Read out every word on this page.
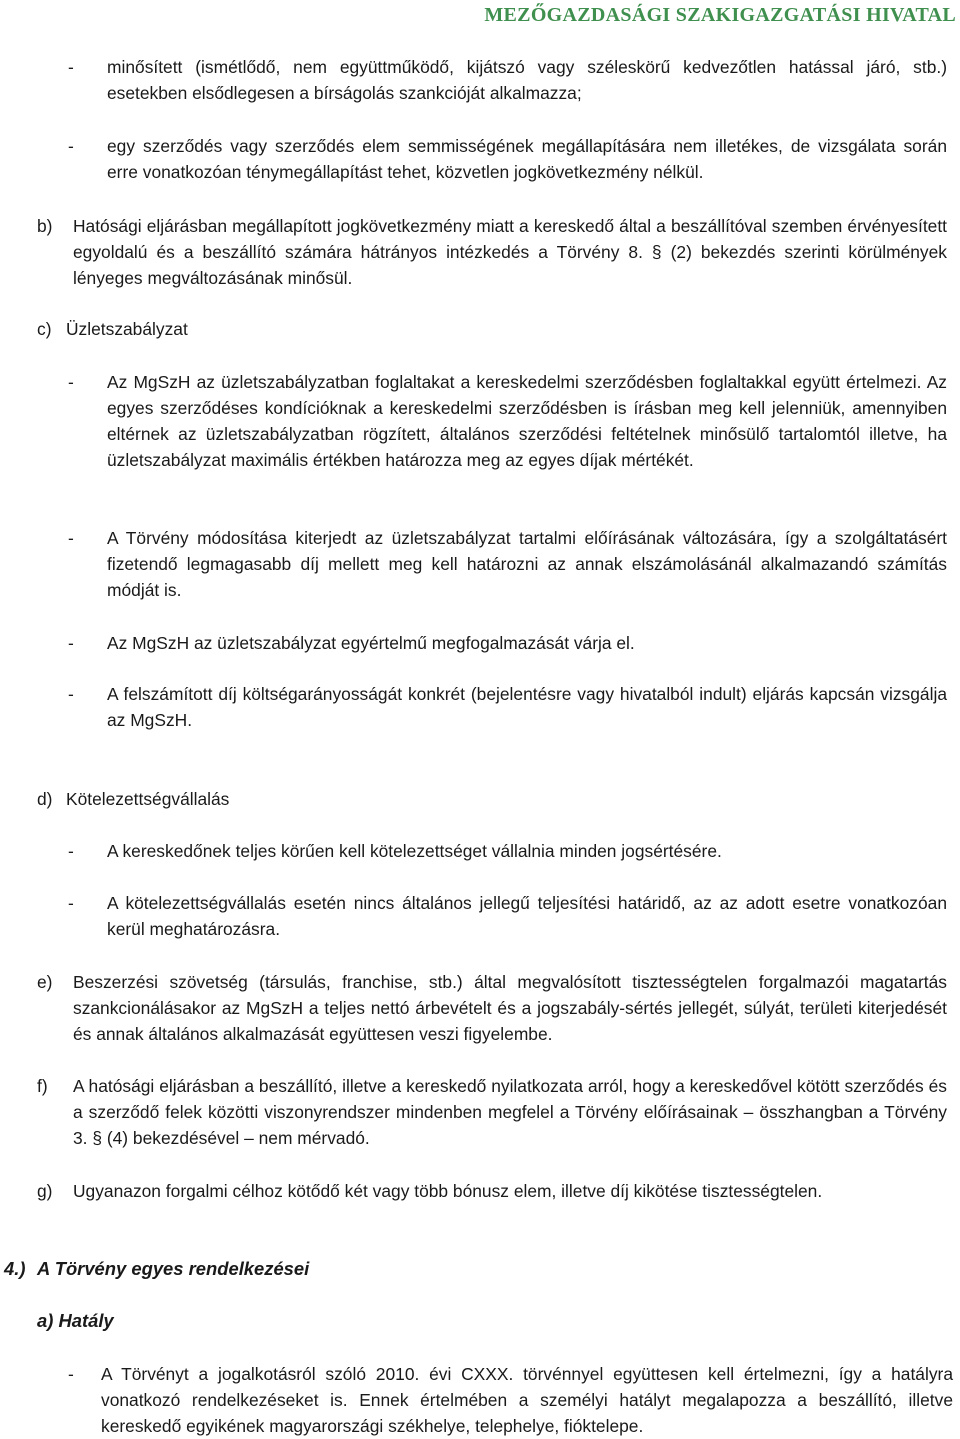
MEZŐGAZDASÁGI SZAKIGAZGATÁSI HIVATAL
- minősített (ismétlődő, nem együttműködő, kijátszó vagy széleskörű kedvezőtlen hatással járó, stb.) esetekben elsődlegesen a bírságolás szankcióját alkalmazza;
- egy szerződés vagy szerződés elem semmisségének megállapítására nem illetékes, de vizsgálata során erre vonatkozóan ténymegállapítást tehet, közvetlen jogkövetkezmény nélkül.
b) Hatósági eljárásban megállapított jogkövetkezmény miatt a kereskedő által a beszállítóval szemben érvényesített egyoldalú és a beszállító számára hátrányos intézkedés a Törvény 8. § (2) bekezdés szerinti körülmények lényeges megváltozásának minősül.
c) Üzletszabályzat
- Az MgSzH az üzletszabályzatban foglaltakat a kereskedelmi szerződésben foglaltakkal együtt értelmezi. Az egyes szerződéses kondícióknak a kereskedelmi szerződésben is írásban meg kell jelenniük, amennyiben eltérnek az üzletszabályzatban rögzített, általános szerződési feltételnek minősülő tartalomtól illetve, ha üzletszabályzat maximális értékben határozza meg az egyes díjak mértékét.
- A Törvény módosítása kiterjedt az üzletszabályzat tartalmi előírásának változására, így a szolgáltatásért fizetendő legmagasabb díj mellett meg kell határozni az annak elszámolásánál alkalmazandó számítás módját is.
- Az MgSzH az üzletszabályzat egyértelmű megfogalmazását várja el.
- A felszámított díj költségarányosságát konkrét (bejelentésre vagy hivatalból indult) eljárás kapcsán vizsgálja az MgSzH.
d) Kötelezettségvállalás
- A kereskedőnek teljes körűen kell kötelezettséget vállalnia minden jogsértésére.
- A kötelezettségvállalás esetén nincs általános jellegű teljesítési határidő, az az adott esetre vonatkozóan kerül meghatározásra.
e) Beszerzési szövetség (társulás, franchise, stb.) által megvalósított tisztességtelen forgalmazói magatartás szankcionálásakor az MgSzH a teljes nettó árbevételt és a jogszabály-sértés jellegét, súlyát, területi kiterjedését és annak általános alkalmazását együttesen veszi figyelembe.
f) A hatósági eljárásban a beszállító, illetve a kereskedő nyilatkozata arról, hogy a kereskedővel kötött szerződés és a szerződő felek közötti viszonyrendszer mindenben megfelel a Törvény előírásainak – összhangban a Törvény 3. § (4) bekezdésével – nem mérvadó.
g) Ugyanazon forgalmi célhoz kötődő két vagy több bónusz elem, illetve díj kikötése tisztességtelen.
4.) A Törvény egyes rendelkezései
a) Hatály
- A Törvényt a jogalkotásról szóló 2010. évi CXXX. törvénnyel együttesen kell értelmezni, így a hatályra vonatkozó rendelkezéseket is. Ennek értelmében a személyi hatályt megalapozza a beszállító, illetve kereskedő egyikének magyarországi székhelye, telephelye, fióktelepe.
